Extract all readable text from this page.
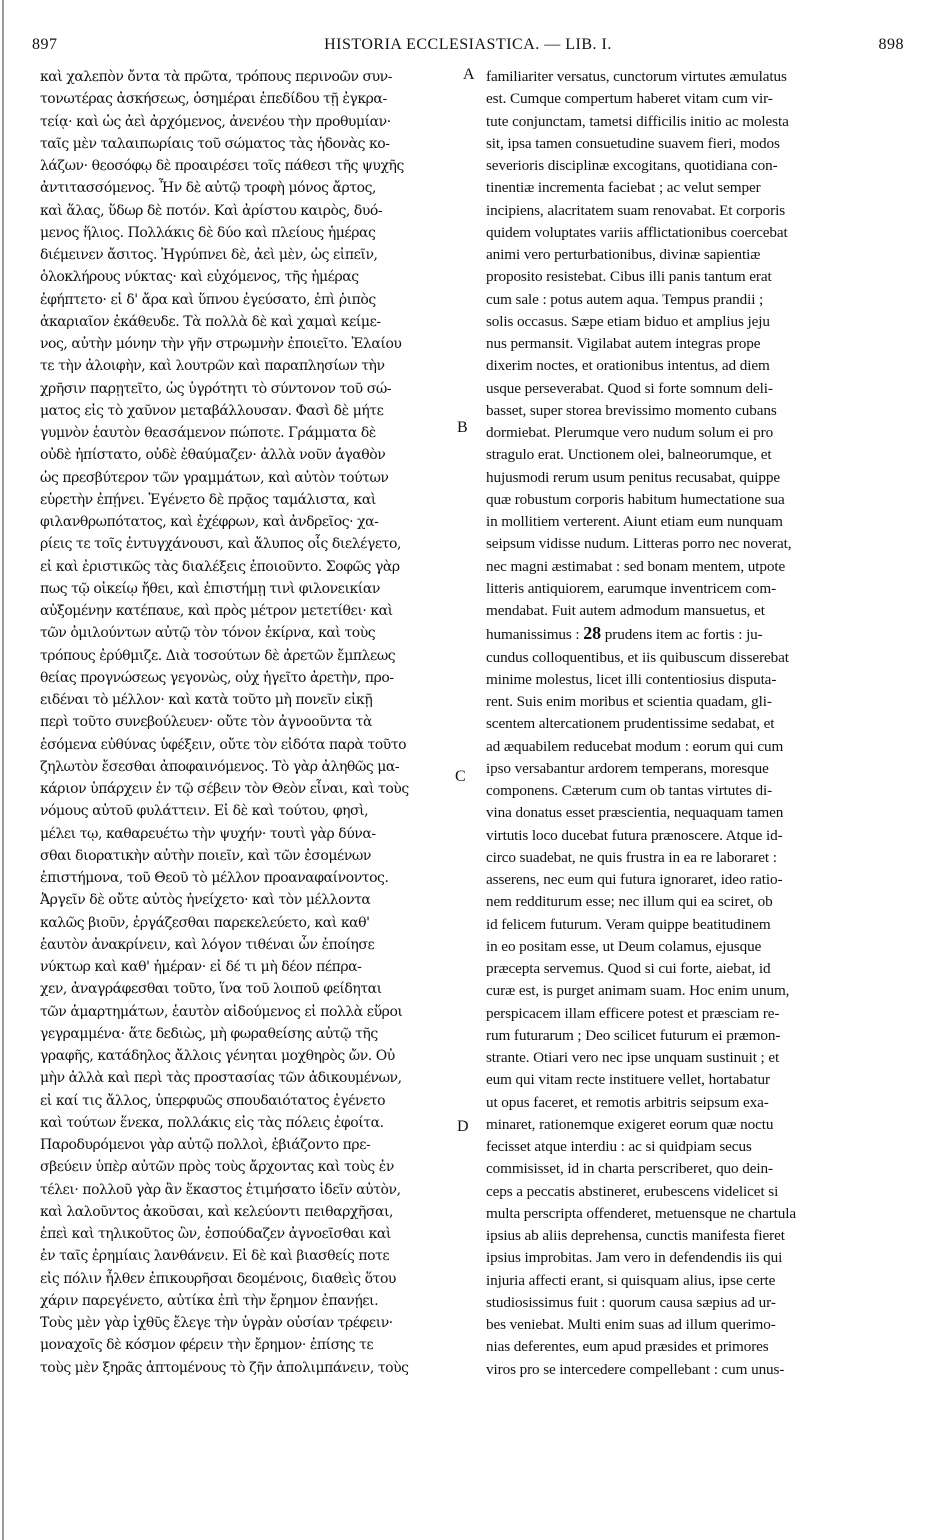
897	HISTORIA ECCLESIASTICA. — LIB. I.	898
καὶ χαλεπὸν ὄντα τὰ πρῶτα, τρόπους περινοῶν συν-
τονωτέρας ἀσκήσεως, ὁσημέραι ἐπεδίδου τῇ ἐγκρα-
τείᾳ· καὶ ὡς ἀεὶ ἀρχόμενος, ἀνενέου τὴν προθυμίαν·
ταῖς μὲν ταλαιπωρίαις τοῦ σώματος τὰς ἡδονὰς κο-
λάζων· θεοσόφῳ δὲ προαιρέσει τοῖς πάθεσι τῆς ψυχῆς
ἀντιτασσόμενος. Ἦν δὲ αὐτῷ τροφὴ μόνος ἄρτος,
καὶ ἅλας, ὕδωρ δὲ ποτόν. Καὶ ἀρίστου καιρὸς, δυό-
μενος ἥλιος. Πολλάκις δὲ δύο καὶ πλείους ἡμέρας
διέμεινεν ἄσιτος. Ἠγρύπνει δὲ, ἀεὶ μὲν, ὡς εἰπεῖν,
ὁλοκλήρους νύκτας· καὶ εὐχόμενος, τῆς ἡμέρας
ἐφήπτετο· εἰ δ' ἄρα καὶ ὕπνου ἐγεύσατο, ἐπὶ ῥιπὸς
ἀκαριαῖον ἐκάθευδε. Τὰ πολλὰ δὲ καὶ χαμαὶ κείμε-
νος, αὐτὴν μόνην τὴν γῆν στρωμνὴν ἐποιεῖτο. Ἐλαίου
τε τὴν ἀλοιφὴν, καὶ λουτρῶν καὶ παραπλησίων τὴν
χρῆσιν παρῃτεῖτο, ὡς ὑγρότητι τὸ σύντονον τοῦ σώ-
ματος εἰς τὸ χαῦνον μεταβάλλουσαν. Φασὶ δὲ μήτε
γυμνὸν ἑαυτὸν θεασάμενον πώποτε. Γράμματα δὲ
οὐδὲ ἠπίστατο, οὐδὲ ἐθαύμαζεν· ἀλλὰ νοῦν ἀγαθὸν
ὡς πρεσβύτερον τῶν γραμμάτων, καὶ αὐτὸν τούτων
εὑρετὴν ἐπῄνει. Ἐγένετο δὲ πρᾷος ταμάλιστα, καὶ
φιλανθρωπότατος, καὶ ἐχέφρων, καὶ ἀνδρεῖος· χα-
ρίεις τε τοῖς ἐντυγχάνουσι, καὶ ἄλυπος οἷς διελέγετο,
εἰ καὶ ἐριστικῶς τὰς διαλέξεις ἐποιοῦντο. Σοφῶς γὰρ
πως τῷ οἰκείῳ ἤθει, καὶ ἐπιστήμῃ τινὶ φιλονεικίαν
αὐξομένην κατέπαυε, καὶ πρὸς μέτρον μετετίθει· καὶ
τῶν ὁμιλούντων αὐτῷ τὸν τόνον ἐκίρνα, καὶ τοὺς
τρόπους ἐρύθμιζε. Διὰ τοσούτων δὲ ἀρετῶν ἔμπλεως
θείας προγνώσεως γεγονὼς, οὐχ ἡγεῖτο ἀρετὴν, προ-
ειδέναι τὸ μέλλον· καὶ κατὰ τοῦτο μὴ πονεῖν εἰκῇ
περὶ τοῦτο συνεβούλευεν· οὔτε τὸν ἀγνοοῦντα τὰ
ἐσόμενα εὐθύνας ὑφέξειν, οὔτε τὸν εἰδότα παρὰ τοῦτο
ζηλωτὸν ἔσεσθαι ἀποφαινόμενος. Τὸ γὰρ ἀληθῶς μα-
κάριον ὑπάρχειν ἐν τῷ σέβειν τὸν Θεὸν εἶναι, καὶ τοὺς
νόμους αὐτοῦ φυλάττειν. Εἰ δὲ καὶ τούτου, φησὶ,
μέλει τῳ, καθαρευέτω τὴν ψυχήν· τουτὶ γὰρ δύνα-
σθαι διορατικὴν αὐτὴν ποιεῖν, καὶ τῶν ἐσομένων
ἐπιστήμονα, τοῦ Θεοῦ τὸ μέλλον προαναφαίνοντος.
Ἀργεῖν δὲ οὔτε αὐτὸς ἠνείχετο· καὶ τὸν μέλλοντα
καλῶς βιοῦν, ἐργάζεσθαι παρεκελεύετο, καὶ καθ'
ἑαυτὸν ἀνακρίνειν, καὶ λόγον τιθέναι ὧν ἐποίησε
νύκτωρ καὶ καθ' ἡμέραν· εἰ δέ τι μὴ δέον πέπρα-
χεν, ἀναγράφεσθαι τοῦτο, ἵνα τοῦ λοιποῦ φείδηται
τῶν ἁμαρτημάτων, ἑαυτὸν αἰδούμενος εἰ πολλὰ εὕροι
γεγραμμένα· ἅτε δεδιὼς, μὴ φωραθείσης αὐτῷ τῆς
γραφῆς, κατάδηλος ἄλλοις γένηται μοχθηρὸς ὤν. Οὐ
μὴν ἀλλὰ καὶ περὶ τὰς προστασίας τῶν ἀδικουμένων,
εἰ καί τις ἄλλος, ὑπερφυῶς σπουδαιότατος ἐγένετο
καὶ τούτων ἕνεκα, πολλάκις εἰς τὰς πόλεις ἐφοίτα.
Παροδυρόμενοι γὰρ αὐτῷ πολλοὶ, ἐβιάζοντο πρε-
σβεύειν ὑπὲρ αὐτῶν πρὸς τοὺς ἄρχοντας καὶ τοὺς ἐν
τέλει· πολλοῦ γὰρ ἂν ἕκαστος ἐτιμήσατο ἰδεῖν αὐτὸν,
καὶ λαλοῦντος ἀκοῦσαι, καὶ κελεύοντι πειθαρχῆσαι,
ἐπεὶ καὶ τηλικοῦτος ὢν, ἐσπούδαζεν ἀγνοεῖσθαι καὶ
ἐν ταῖς ἐρημίαις λανθάνειν. Εἰ δὲ καὶ βιασθείς ποτε
εἰς πόλιν ἦλθεν ἐπικουρῆσαι δεομένοις, διαθεὶς ὅτου
χάριν παρεγένετο, αὐτίκα ἐπὶ τὴν ἔρημον ἐπανῄει.
Τοὺς μὲν γὰρ ἰχθῦς ἔλεγε τὴν ὑγρὰν οὐσίαν τρέφειν·
μοναχοῖς δὲ κόσμον φέρειν τὴν ἔρημον· ἐπίσης τε
τοὺς μὲν ξηρᾶς ἁπτομένους τὸ ζῆν ἀπολιμπάνειν, τοὺς
A
B
C
D
familiariter versatus, cunctorum virtutes æmulatus
est. Cumque compertum haberet vitam cum vir-
tute conjunctam, tametsi difficilis initio ac molesta
sit, ipsa tamen consuetudine suavem fieri, modos
severioris disciplinæ excogitans, quotidiana con-
tinentiæ incrementa faciebat ; ac velut semper
incipiens, alacritatem suam renovabat. Et corporis
quidem voluptates variis afflictationibus coercebat
animi vero perturbationibus, divinæ sapientiæ
proposito resistebat. Cibus illi panis tantum erat
cum sale : potus autem aqua. Tempus prandii ;
solis occasus. Sæpe etiam biduo et amplius jeju
nus permansit. Vigilabat autem integras prope
dixerim noctes, et orationibus intentus, ad diem
usque perseverabat. Quod si forte somnum deli-
basset, super storea brevissimo momento cubans
dormiebat. Plerumque vero nudum solum ei pro
stragulo erat. Unctionem olei, balneorumque, et
hujusmodi rerum usum penitus recusabat, quippe
quæ robustum corporis habitum humectatione sua
in mollitiem verterent. Aiunt etiam eum nunquam
seipsum vidisse nudum. Litteras porro nec noverat,
nec magni æstimabat : sed bonam mentem, utpote
litteris antiquiorem, earumque inventricem com-
mendabat. Fuit autem admodum mansuetus, et
humanissimus : 28 prudens item ac fortis : ju-
cundus colloquentibus, et iis quibuscum disserebat
minime molestus, licet illi contentiosius disputa-
rent. Suis enim moribus et scientia quadam, gli-
scentem altercationem prudentissime sedabat, et
ad æquabilem reducebat modum : eorum qui cum
ipso versabantur ardorem temperans, moresque
componens. Cæterum cum ob tantas virtutes di-
vina donatus esset præscientia, nequaquam tamen
virtutis loco ducebat futura prænoscere. Atque id-
circo suadebat, ne quis frustra in ea re laboraret :
asserens, nec eum qui futura ignoraret, ideo ratio-
nem redditurum esse; nec illum qui ea sciret, ob
id felicem futurum. Veram quippe beatitudinem
in eo positam esse, ut Deum colamus, ejusque
præcepta servemus. Quod si cui forte, aiebat, id
curæ est, is purget animam suam. Hoc enim unum,
perspicacem illam efficere potest et præsciam re-
rum futurarum ; Deo scilicet futurum ei præmon-
strante. Otiari vero nec ipse unquam sustinuit ; et
eum qui vitam recte instituere vellet, hortabatur
ut opus faceret, et remotis arbitris seipsum exa-
minaret, rationemque exigeret eorum quæ noctu
fecisset atque interdiu : ac si quidpiam secus
commisisset, id in charta perscriberet, quo dein-
ceps a peccatis abstineret, erubescens videlicet si
multa perscripta offenderet, metuensque ne chartula
ipsius ab aliis deprehensa, cunctis manifesta fieret
ipsius improbitas. Jam vero in defendendis iis qui
injuria affecti erant, si quisquam alius, ipse certe
studiosissimus fuit : quorum causa sæpius ad ur-
bes veniebat. Multi enim suas ad illum querimo-
nias deferentes, eum apud præsides et primores
viros pro se intercedere compellebant : cum unus-
